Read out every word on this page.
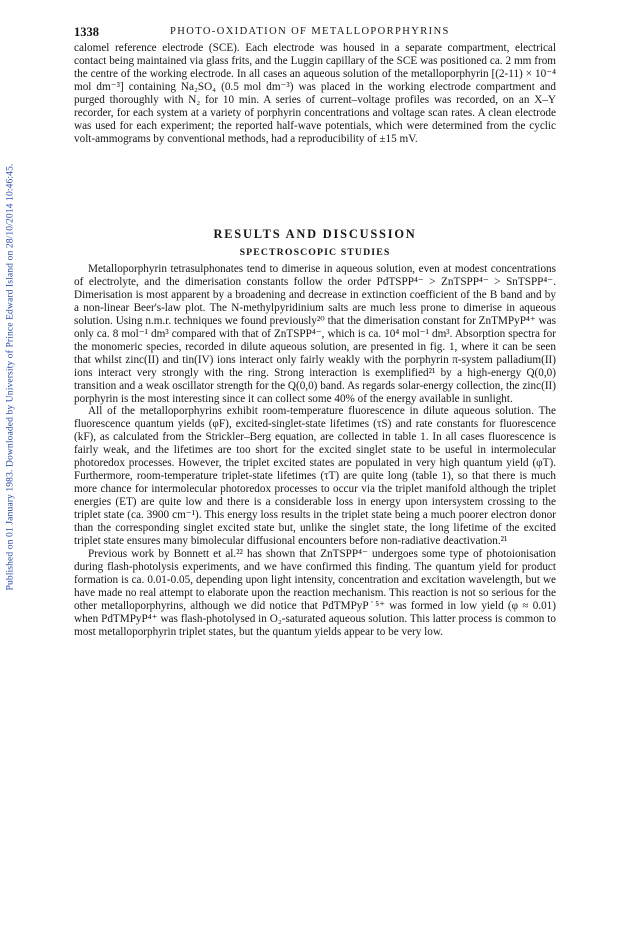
Published on 01 January 1983. Downloaded by University of Prince Edward Island on 28/10/2014 10:46:45.
1338	PHOTO-OXIDATION OF METALLOPORPHYRINS

calomel reference electrode (SCE). Each electrode was housed in a separate compartment, electrical contact being maintained via glass frits, and the Luggin capillary of the SCE was positioned ca. 2 mm from the centre of the working electrode. In all cases an aqueous solution of the metalloporphyrin [(2-11) × 10⁻⁴ mol dm⁻³] containing Na₂SO₄ (0.5 mol dm⁻³) was placed in the working electrode compartment and purged thoroughly with N₂ for 10 min. A series of current–voltage profiles was recorded, on an X–Y recorder, for each system at a variety of porphyrin concentrations and voltage scan rates. A clean electrode was used for each experiment; the reported half-wave potentials, which were determined from the cyclic volt-ammograms by conventional methods, had a reproducibility of ±15 mV.

RESULTS AND DISCUSSION
SPECTROSCOPIC STUDIES

Metalloporphyrin tetrasulphonates tend to dimerise in aqueous solution, even at modest concentrations of electrolyte, and the dimerisation constants follow the order PdTSPP⁴⁻ > ZnTSPP⁴⁻ > SnTSPP⁴⁻. Dimerisation is most apparent by a broadening and decrease in extinction coefficient of the B band and by a non-linear Beer's-law plot. The N-methylpyridinium salts are much less prone to dimerise in aqueous solution. Using n.m.r. techniques we found previously²⁰ that the dimerisation constant for ZnTMPyP⁴⁺ was only ca. 8 mol⁻¹ dm³ compared with that of ZnTSPP⁴⁻, which is ca. 10⁴ mol⁻¹ dm³. Absorption spectra for the monomeric species, recorded in dilute aqueous solution, are presented in fig. 1, where it can be seen that whilst zinc(II) and tin(IV) ions interact only fairly weakly with the porphyrin π-system palladium(II) ions interact very strongly with the ring. Strong interaction is exemplified²¹ by a high-energy Q(0,0) transition and a weak oscillator strength for the Q(0,0) band. As regards solar-energy collection, the zinc(II) porphyrin is the most interesting since it can collect some 40% of the energy available in sunlight.

All of the metalloporphyrins exhibit room-temperature fluorescence in dilute aqueous solution. The fluorescence quantum yields (φF), excited-singlet-state lifetimes (τS) and rate constants for fluorescence (kF), as calculated from the Strickler–Berg equation, are collected in table 1. In all cases fluorescence is fairly weak, and the lifetimes are too short for the excited singlet state to be useful in intermolecular photoredox processes. However, the triplet excited states are populated in very high quantum yield (φT). Furthermore, room-temperature triplet-state lifetimes (τT) are quite long (table 1), so that there is much more chance for intermolecular photoredox processes to occur via the triplet manifold although the triplet energies (ET) are quite low and there is a considerable loss in energy upon intersystem crossing to the triplet state (ca. 3900 cm⁻¹). This energy loss results in the triplet state being a much poorer electron donor than the corresponding singlet excited state but, unlike the singlet state, the long lifetime of the excited triplet state ensures many bimolecular diffusional encounters before non-radiative deactivation.²¹

Previous work by Bonnett et al.²² has shown that ZnTSPP⁴⁻ undergoes some type of photoionisation during flash-photolysis experiments, and we have confirmed this finding. The quantum yield for product formation is ca. 0.01-0.05, depending upon light intensity, concentration and excitation wavelength, but we have made no real attempt to elaborate upon the reaction mechanism. This reaction is not so serious for the other metalloporphyrins, although we did notice that PdTMPyP˙⁵⁺ was formed in low yield (φ ≈ 0.01) when PdTMPyP⁴⁺ was flash-photolysed in O₂-saturated aqueous solution. This latter process is common to most metalloporphyrin triplet states, but the quantum yields appear to be very low.
